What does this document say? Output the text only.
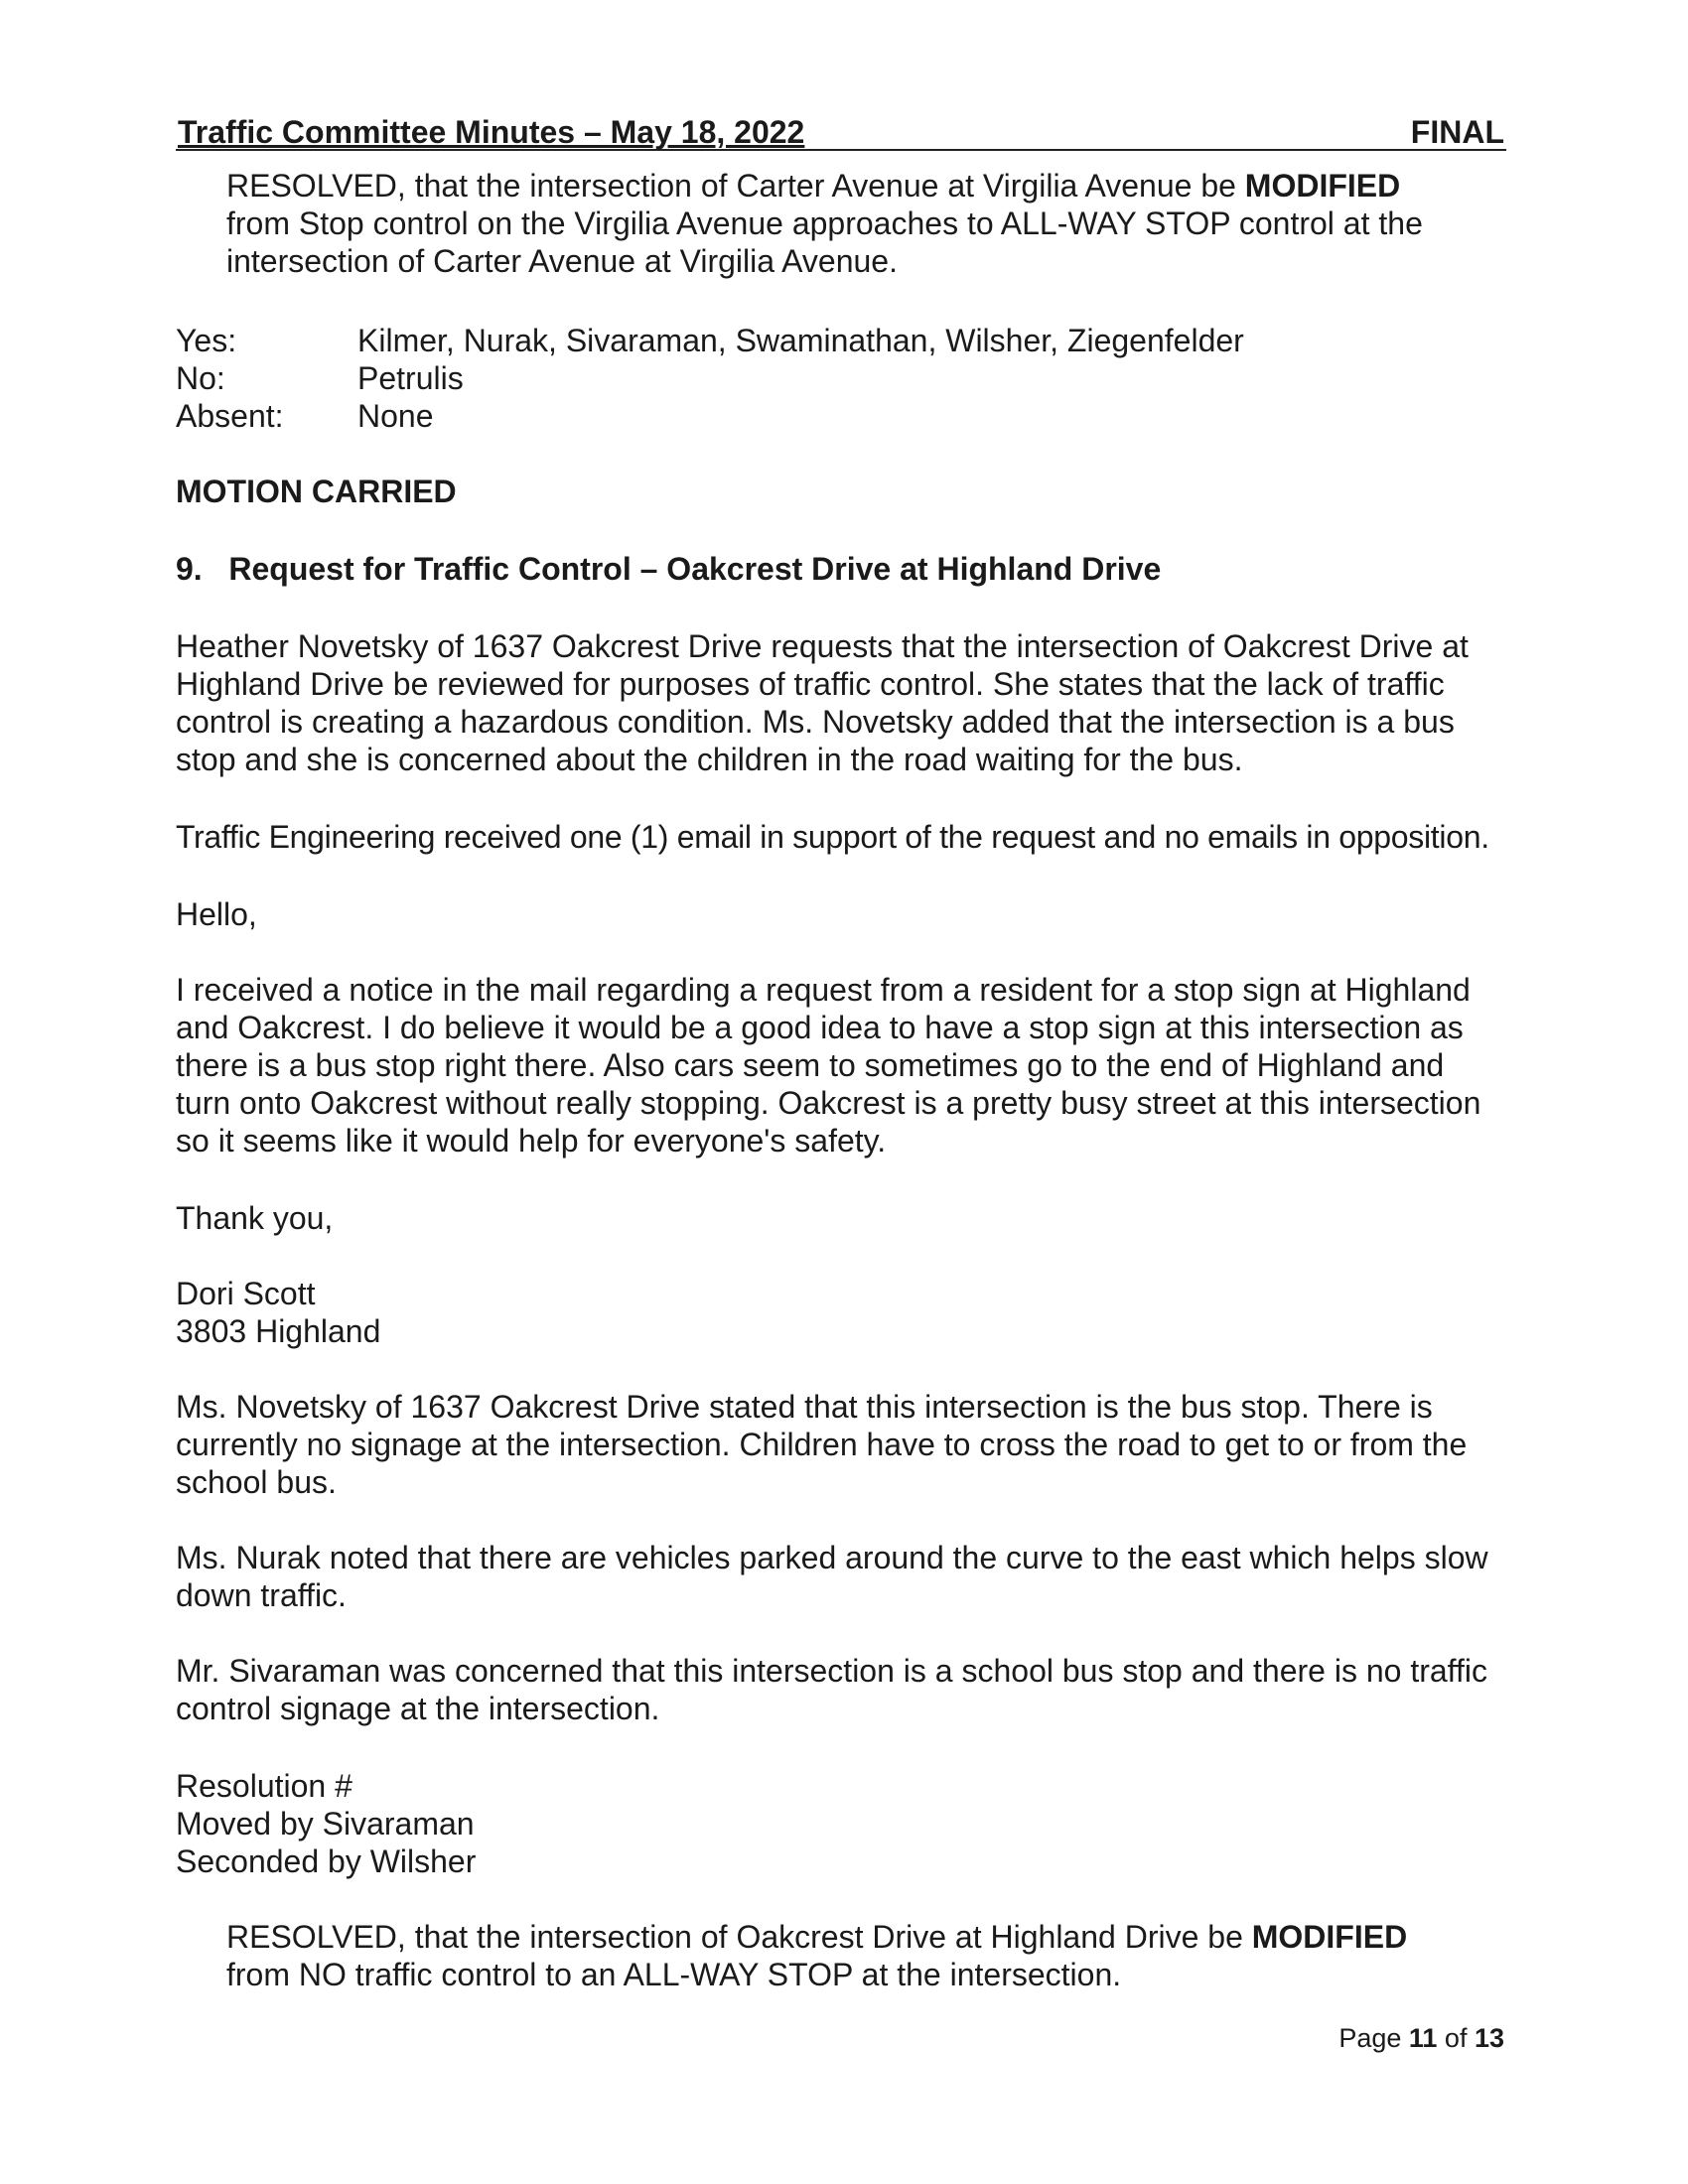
Traffic Committee Minutes – May 18, 2022	FINAL
RESOLVED, that the intersection of Carter Avenue at Virgilia Avenue be MODIFIED
from Stop control on the Virgilia Avenue approaches to ALL-WAY STOP control at the
intersection of Carter Avenue at Virgilia Avenue.
Yes:	Kilmer, Nurak, Sivaraman, Swaminathan, Wilsher, Ziegenfelder
No:	Petrulis
Absent: None
MOTION CARRIED
9.   Request for Traffic Control – Oakcrest Drive at Highland Drive
Heather Novetsky of 1637 Oakcrest Drive requests that the intersection of Oakcrest Drive at
Highland Drive be reviewed for purposes of traffic control. She states that the lack of traffic
control is creating a hazardous condition. Ms. Novetsky added that the intersection is a bus
stop and she is concerned about the children in the road waiting for the bus.
Traffic Engineering received one (1) email in support of the request and no emails in opposition.
Hello,
I received a notice in the mail regarding a request from a resident for a stop sign at Highland
and Oakcrest. I do believe it would be a good idea to have a stop sign at this intersection as
there is a bus stop right there. Also cars seem to sometimes go to the end of Highland and
turn onto Oakcrest without really stopping. Oakcrest is a pretty busy street at this intersection
so it seems like it would help for everyone's safety.
Thank you,
Dori Scott
3803 Highland
Ms. Novetsky of 1637 Oakcrest Drive stated that this intersection is the bus stop. There is
currently no signage at the intersection. Children have to cross the road to get to or from the
school bus.
Ms. Nurak noted that there are vehicles parked around the curve to the east which helps slow
down traffic.
Mr. Sivaraman was concerned that this intersection is a school bus stop and there is no traffic
control signage at the intersection.
Resolution #
Moved by Sivaraman
Seconded by Wilsher
RESOLVED, that the intersection of Oakcrest Drive at Highland Drive be MODIFIED
from NO traffic control to an ALL-WAY STOP at the intersection.
Page 11 of 13
